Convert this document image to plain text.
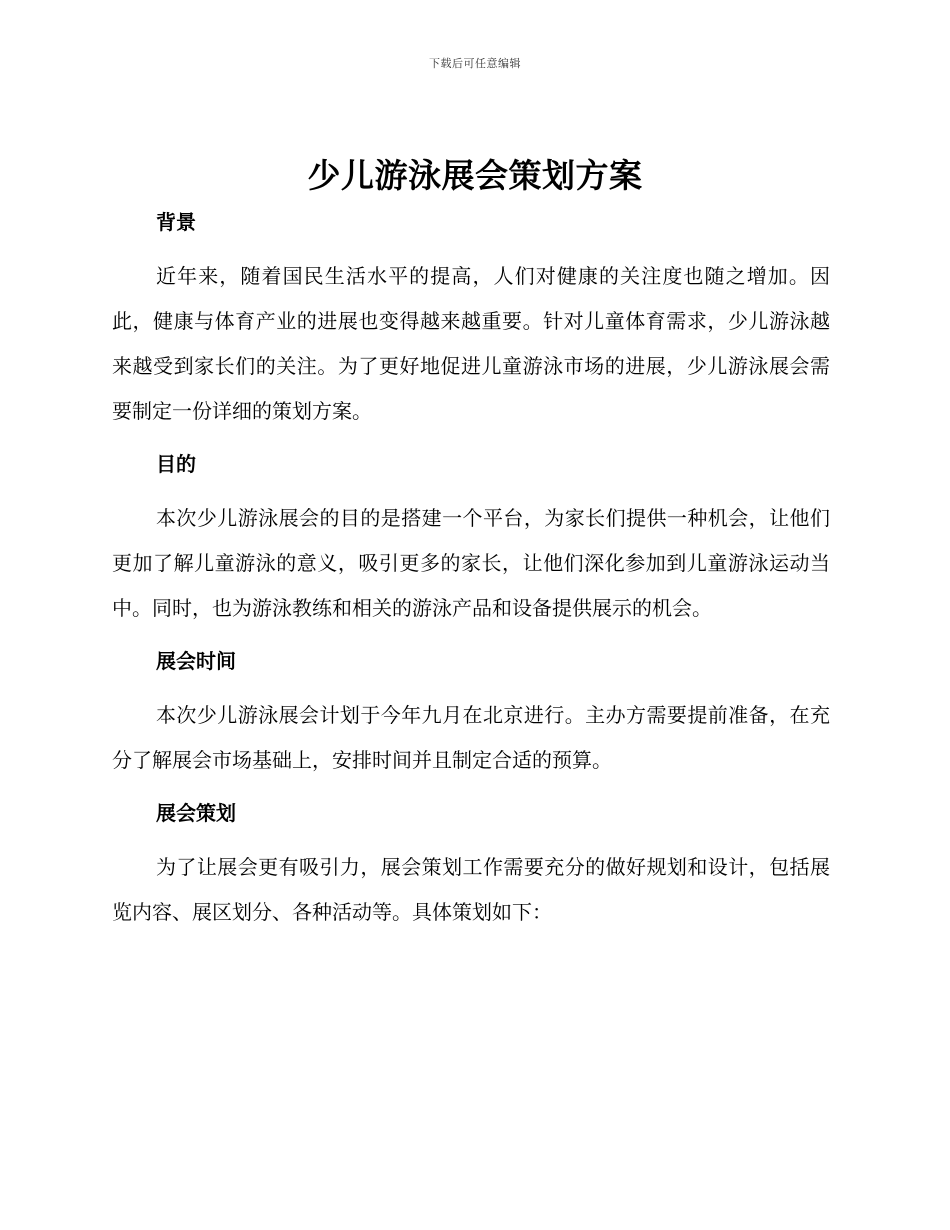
下载后可任意编辑
少儿游泳展会策划方案
背景

近年来，随着国民生活水平的提高，人们对健康的关注度也随之增加。因此，健康与体育产业的进展也变得越来越重要。针对儿童体育需求，少儿游泳越来越受到家长们的关注。为了更好地促进儿童游泳市场的进展，少儿游泳展会需要制定一份详细的策划方案。

目的

本次少儿游泳展会的目的是搭建一个平台，为家长们提供一种机会，让他们更加了解儿童游泳的意义，吸引更多的家长，让他们深化参加到儿童游泳运动当中。同时，也为游泳教练和相关的游泳产品和设备提供展示的机会。

展会时间

本次少儿游泳展会计划于今年九月在北京进行。主办方需要提前准备，在充分了解展会市场基础上，安排时间并且制定合适的预算。

展会策划

为了让展会更有吸引力，展会策划工作需要充分的做好规划和设计，包括展览内容、展区划分、各种活动等。具体策划如下：
